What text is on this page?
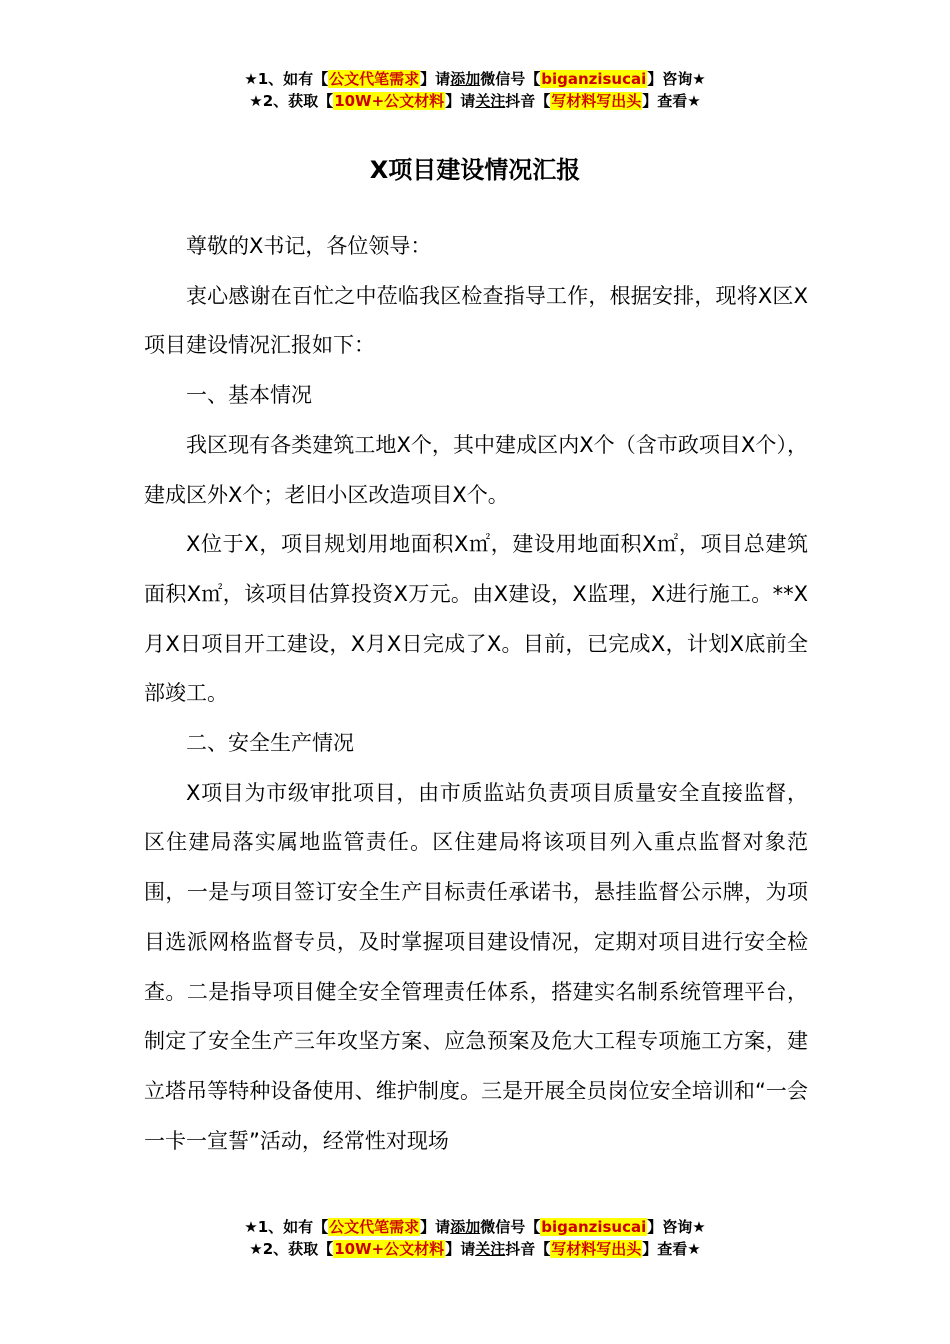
★1、如有【公文代笔需求】请添加微信号【biganzisucai】咨询★
★2、获取【10W+公文材料】请关注抖音【写材料写出头】查看★
X项目建设情况汇报

尊敬的X书记，各位领导：

衷心感谢在百忙之中莅临我区检查指导工作，根据安排，现将X区X项目建设情况汇报如下：

一、基本情况

我区现有各类建筑工地X个，其中建成区内X个（含市政项目X个），建成区外X个；老旧小区改造项目X个。

X位于X，项目规划用地面积X㎡，建设用地面积X㎡，项目总建筑面积X㎡，该项目估算投资X万元。由X建设，X监理，X进行施工。**X月X日项目开工建设，X月X日完成了X。目前，已完成X，计划X底前全部竣工。

二、安全生产情况

X项目为市级审批项目，由市质监站负责项目质量安全直接监督，区住建局落实属地监管责任。区住建局将该项目列入重点监督对象范围，一是与项目签订安全生产目标责任承诺书，悬挂监督公示牌，为项目选派网格监督专员，及时掌握项目建设情况，定期对项目进行安全检查。二是指导项目健全安全管理责任体系，搭建实名制系统管理平台，制定了安全生产三年攻坚方案、应急预案及危大工程专项施工方案，建立塔吊等特种设备使用、维护制度。三是开展全员岗位安全培训和“一会一卡一宣誓”活动，经常性对现场

★1、如有【公文代笔需求】请添加微信号【biganzisucai】咨询★
★2、获取【10W+公文材料】请关注抖音【写材料写出头】查看★
